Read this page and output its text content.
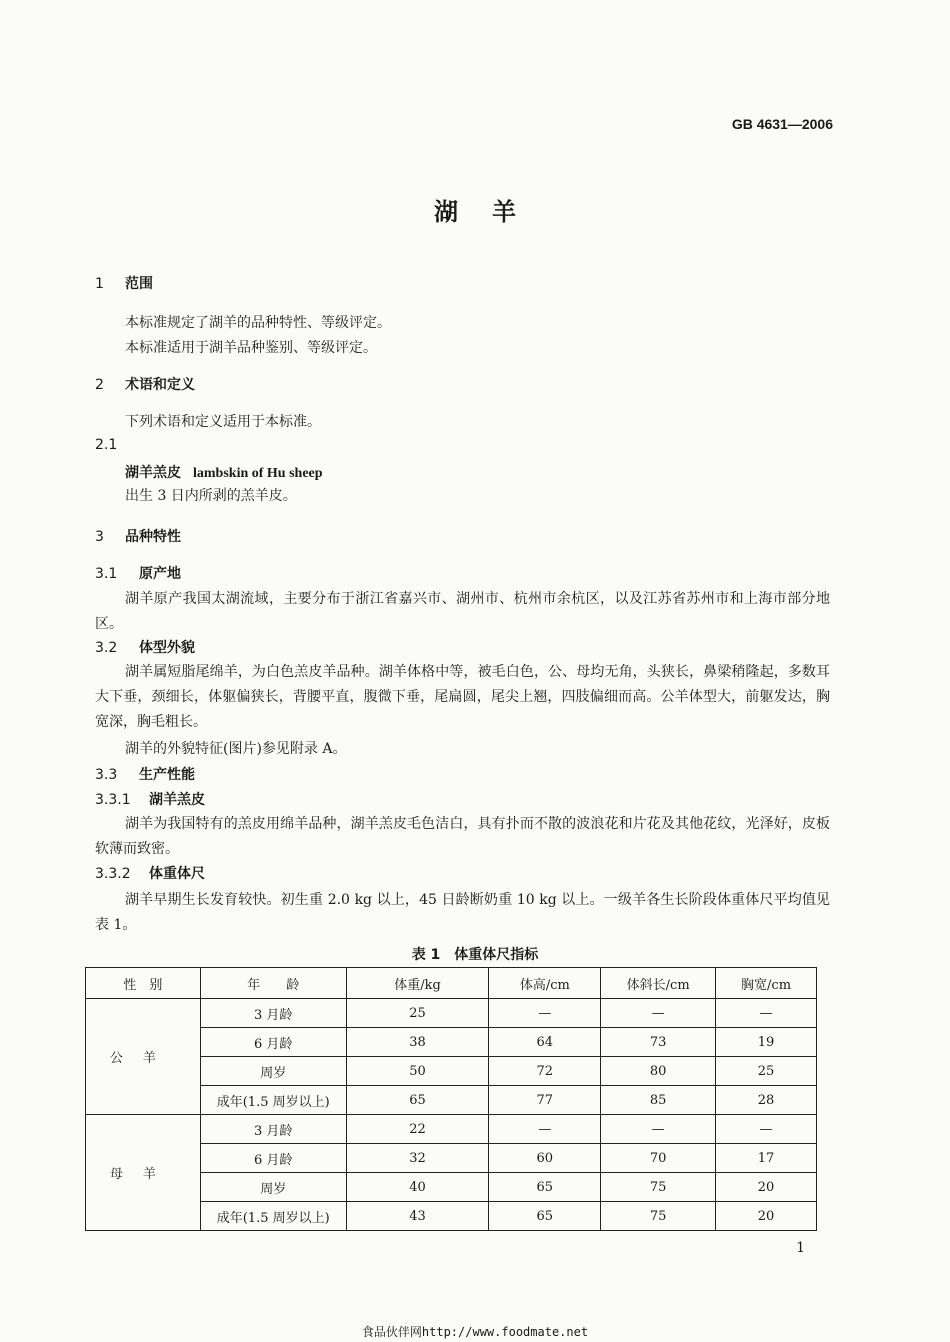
GB 4631—2006
湖羊
1 范围
本标准规定了湖羊的品种特性、等级评定。
本标准适用于湖羊品种鉴别、等级评定。
2 术语和定义
下列术语和定义适用于本标准。
2.1
湖羊羔皮 lambskin of Hu sheep
出生 3 日内所剥的羔羊皮。
3 品种特性
3.1 原产地
湖羊原产我国太湖流域，主要分布于浙江省嘉兴市、湖州市、杭州市余杭区，以及江苏省苏州市和上海市部分地区。
3.2 体型外貌
湖羊属短脂尾绵羊，为白色羔皮羊品种。湖羊体格中等，被毛白色，公、母均无角，头狭长，鼻梁稍隆起，多数耳大下垂，颈细长，体躯偏狭长，背腰平直，腹微下垂，尾扁圆，尾尖上翘，四肢偏细而高。公羊体型大，前躯发达，胸宽深，胸毛粗长。
湖羊的外貌特征(图片)参见附录 A。
3.3 生产性能
3.3.1 湖羊羔皮
湖羊为我国特有的羔皮用绵羊品种，湖羊羔皮毛色洁白，具有扑而不散的波浪花和片花及其他花纹，光泽好，皮板软薄而致密。
3.3.2 体重体尺
湖羊早期生长发育较快。初生重 2.0 kg 以上，45 日龄断奶重 10 kg 以上。一级羊各生长阶段体重体尺平均值见表 1。
表 1　体重体尺指标
性　别	年　　龄	体重/kg	体高/cm	体斜长/cm	胸宽/cm
公羊	3 月龄	25	—	—	—
	6 月龄	38	64	73	19
	周岁	50	72	80	25
	成年(1.5 周岁以上)	65	77	85	28
母羊	3 月龄	22	—	—	—
	6 月龄	32	60	70	17
	周岁	40	65	75	20
	成年(1.5 周岁以上)	43	65	75	20
1
食品伙伴网http://www.foodmate.net
